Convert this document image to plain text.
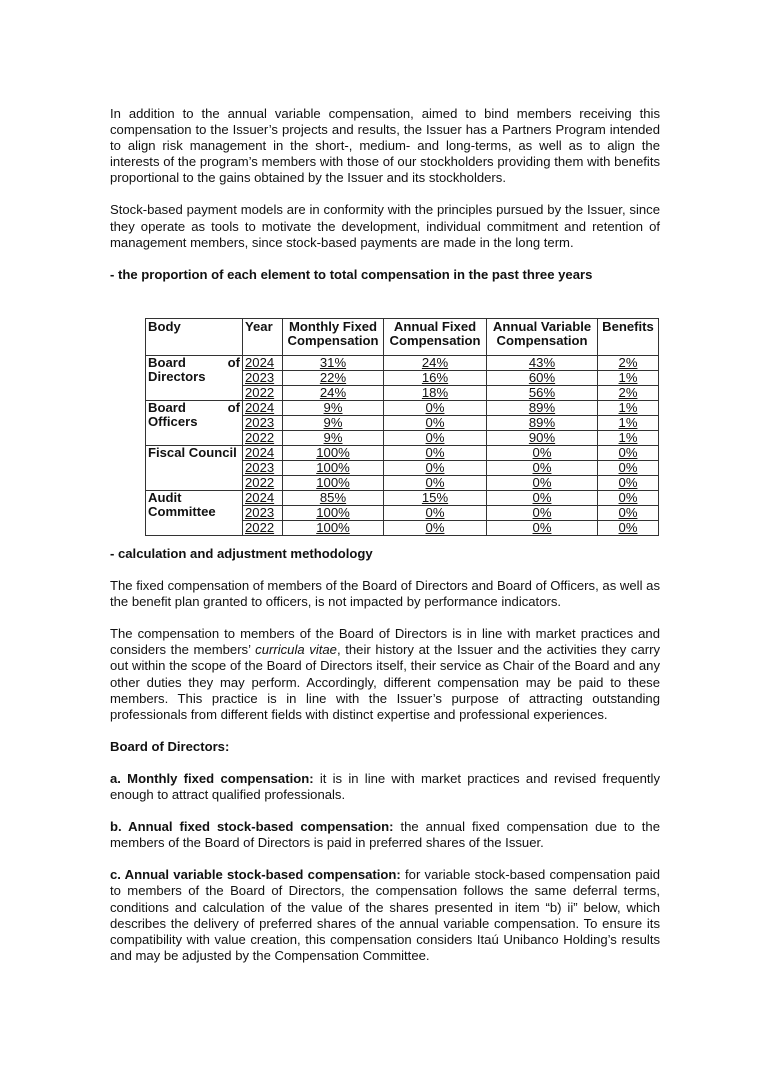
In addition to the annual variable compensation, aimed to bind members receiving this compensation to the Issuer’s projects and results, the Issuer has a Partners Program intended to align risk management in the short-, medium- and long-terms, as well as to align the interests of the program’s members with those of our stockholders providing them with benefits proportional to the gains obtained by the Issuer and its stockholders.

Stock-based payment models are in conformity with the principles pursued by the Issuer, since they operate as tools to motivate the development, individual commitment and retention of management members, since stock-based payments are made in the long term.

- the proportion of each element to total compensation in the past three years
Body	Year	Monthly Fixed Compensation	Annual Fixed Compensation	Annual Variable Compensation	Benefits
Board of Directors	2024	31%	24%	43%	2%
	2023	22%	16%	60%	1%
	2022	24%	18%	56%	2%
Board of Officers	2024	9%	0%	89%	1%
	2023	9%	0%	89%	1%
	2022	9%	0%	90%	1%
Fiscal Council	2024	100%	0%	0%	0%
	2023	100%	0%	0%	0%
	2022	100%	0%	0%	0%
Audit Committee	2024	85%	15%	0%	0%
	2023	100%	0%	0%	0%
	2022	100%	0%	0%	0%
- calculation and adjustment methodology

The fixed compensation of members of the Board of Directors and Board of Officers, as well as the benefit plan granted to officers, is not impacted by performance indicators.

The compensation to members of the Board of Directors is in line with market practices and considers the members’ curricula vitae, their history at the Issuer and the activities they carry out within the scope of the Board of Directors itself, their service as Chair of the Board and any other duties they may perform. Accordingly, different compensation may be paid to these members. This practice is in line with the Issuer’s purpose of attracting outstanding professionals from different fields with distinct expertise and professional experiences.

Board of Directors:

a. Monthly fixed compensation: it is in line with market practices and revised frequently enough to attract qualified professionals.

b. Annual fixed stock-based compensation: the annual fixed compensation due to the members of the Board of Directors is paid in preferred shares of the Issuer.

c. Annual variable stock-based compensation: for variable stock-based compensation paid to members of the Board of Directors, the compensation follows the same deferral terms, conditions and calculation of the value of the shares presented in item “b) ii” below, which describes the delivery of preferred shares of the annual variable compensation. To ensure its compatibility with value creation, this compensation considers Itaú Unibanco Holding’s results and may be adjusted by the Compensation Committee.
